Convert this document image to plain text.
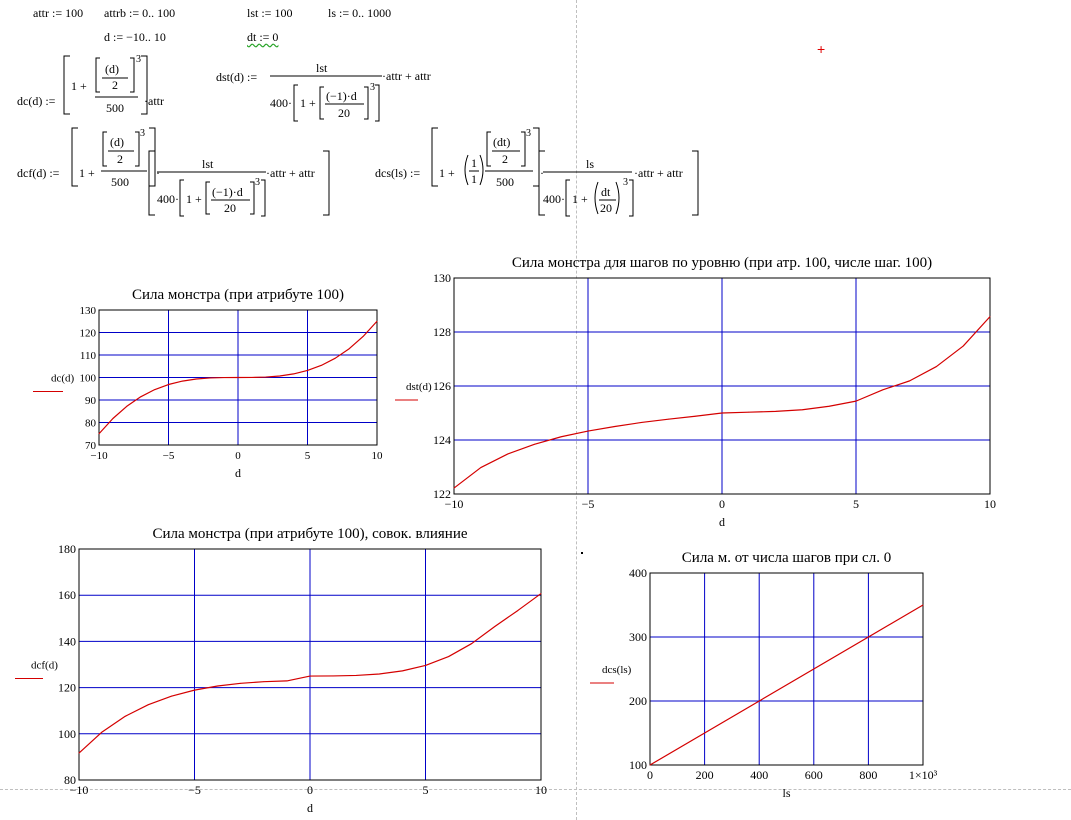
+
attr := 100 attrb := 0.. 100	lst := 100	ls := 0.. 1000
d := −10.. 10	dt := 0
dc(d) :=
1 +
(d)
2
3
500 ·attr
dst(d) :=
lst
400· 1 + (−1)·d
20
3
·attr + attr
dcf(d) := 1 +
(d)
2
3
500
·
lst
400· 1 + (−1)·d
20
3
·attr + attr	dcs(ls) := 1 +
1
1
(dt)
2
3
500
·
ls
400· 1 + dt
20
3
·attr + attr
Сила монстра (при атрибуте 100)
−10	−5	0	5	10
70
80
90
100
110
120
130
d
dc(d)
Сила монстра для шагов по уровню (при атр. 100, числе шаг. 100)
−10	−5	0	5	10
122
124
126
128
130
d
dst(d)
Сила монстра (при атрибуте 100), совок. влияние
−10	−5	0	5	10
80
100
120
140
160
180
d
dcf(d)
Сила м. от числа шагов при сл. 0
0	200	400	600	800	1×10³
100
200
300
400
ls
dcs(ls)
